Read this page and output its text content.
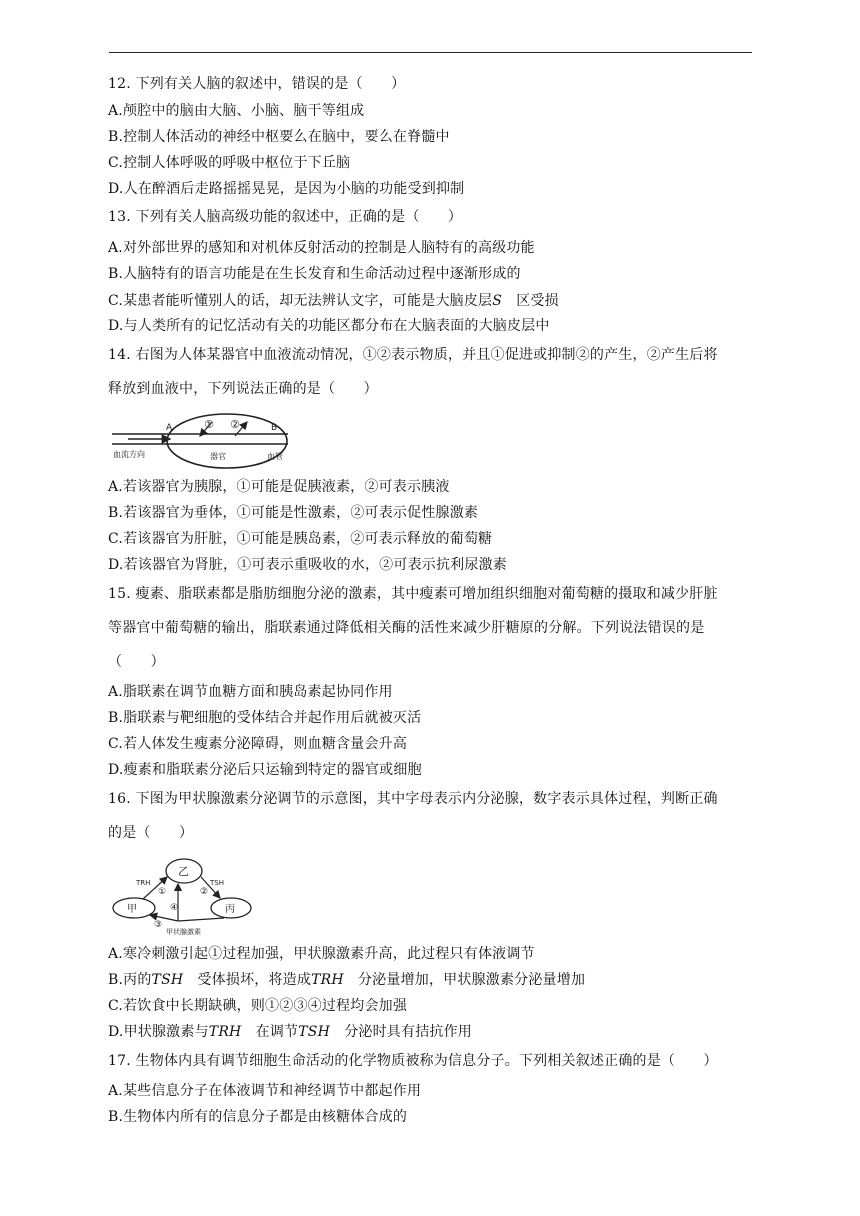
12. 下列有关人脑的叙述中，错误的是（　　）
A.颅腔中的脑由大脑、小脑、脑干等组成
B.控制人体活动的神经中枢要么在脑中，要么在脊髓中
C.控制人体呼吸的呼吸中枢位于下丘脑
D.人在醉酒后走路摇摇晃晃，是因为小脑的功能受到抑制
13. 下列有关人脑高级功能的叙述中，正确的是（　　）
A.对外部世界的感知和对机体反射活动的控制是人脑特有的高级功能
B.人脑特有的语言功能是在生长发育和生命活动过程中逐渐形成的
C.某患者能听懂别人的话，却无法辨认文字，可能是大脑皮层𝑆　区受损
D.与人类所有的记忆活动有关的功能区都分布在大脑表面的大脑皮层中
14. 右图为人体某器官中血液流动情况，①②表示物质，并且①促进或抑制②的产生，②产生后将
释放到血液中，下列说法正确的是（　　）
A	B
① ②
血流方向	器官	血管
A.若该器官为胰腺，①可能是促胰液素，②可表示胰液
B.若该器官为垂体，①可能是性激素，②可表示促性腺激素
C.若该器官为肝脏，①可能是胰岛素，②可表示释放的葡萄糖
D.若该器官为肾脏，①可表示重吸收的水，②可表示抗利尿激素
15. 瘦素、脂联素都是脂肪细胞分泌的激素，其中瘦素可增加组织细胞对葡萄糖的摄取和减少肝脏
等器官中葡萄糖的输出，脂联素通过降低相关酶的活性来减少肝糖原的分解。下列说法错误的是
（　　）
A.脂联素在调节血糖方面和胰岛素起协同作用
B.脂联素与靶细胞的受体结合并起作用后就被灭活
C.若人体发生瘦素分泌障碍，则血糖含量会升高
D.瘦素和脂联素分泌后只运输到特定的器官或细胞
16. 下图为甲状腺激素分泌调节的示意图，其中字母表示内分泌腺，数字表示具体过程，判断正确
的是（　　）
乙
甲	丙
TRH	TSH
①	②
③
④
甲状腺激素
A.寒冷刺激引起①过程加强，甲状腺激素升高，此过程只有体液调节
B.丙的𝑇𝑆𝐻　受体损坏，将造成𝑇𝑅𝐻　分泌量增加，甲状腺激素分泌量增加
C.若饮食中长期缺碘，则①②③④过程均会加强
D.甲状腺激素与𝑇𝑅𝐻　在调节𝑇𝑆𝐻　分泌时具有拮抗作用
17. 生物体内具有调节细胞生命活动的化学物质被称为信息分子。下列相关叙述正确的是（　　）
A.某些信息分子在体液调节和神经调节中都起作用
B.生物体内所有的信息分子都是由核糖体合成的
